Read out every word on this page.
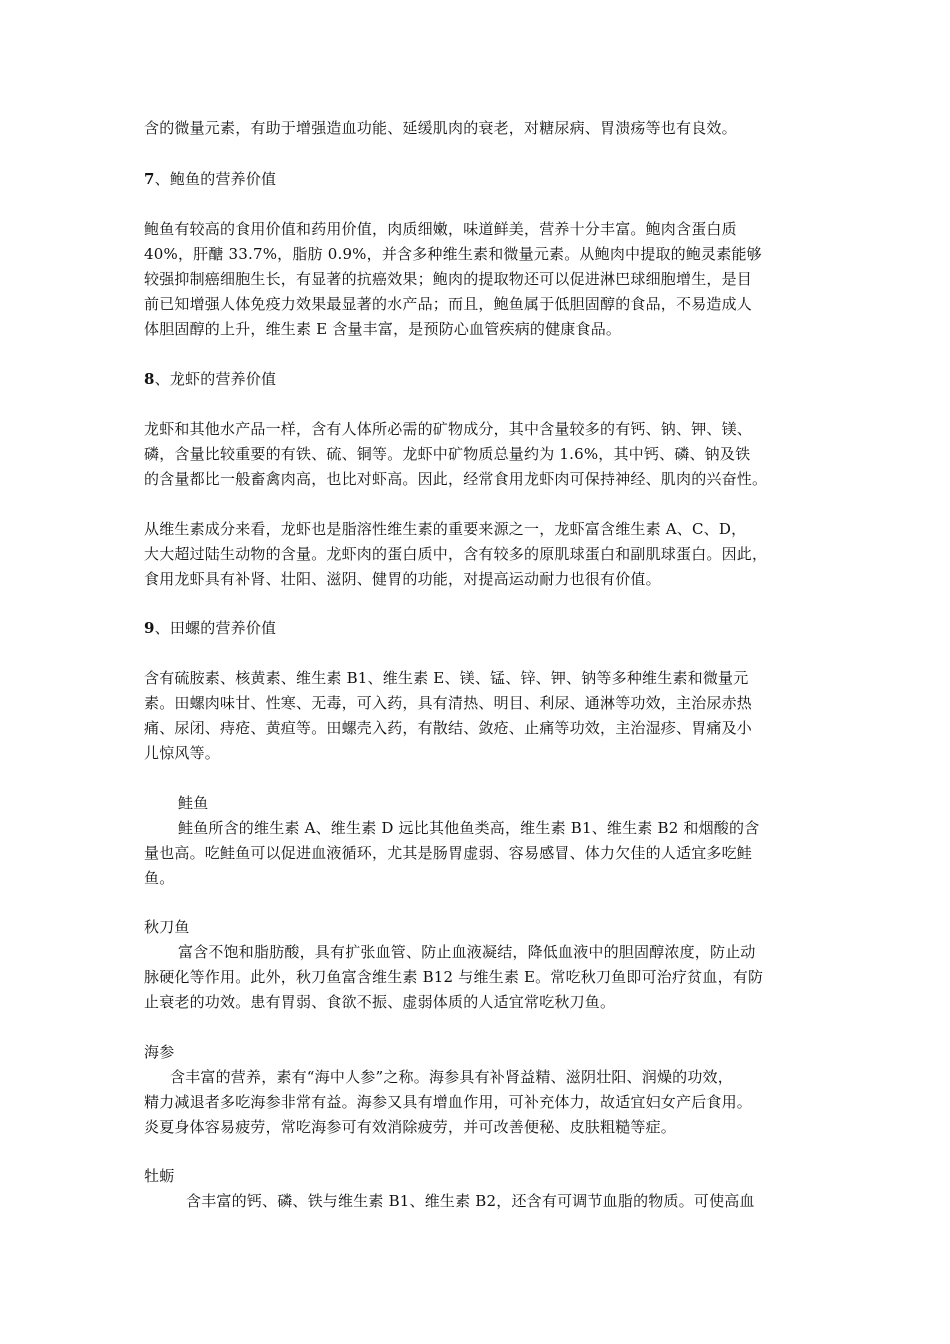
含的微量元素，有助于增强造血功能、延缓肌肉的衰老，对糖尿病、胃溃疡等也有良效。
7、鲍鱼的营养价值
鲍鱼有较高的食用价值和药用价值，肉质细嫩，味道鲜美，营养十分丰富。鲍肉含蛋白质
40%，肝醣 33.7%，脂肪 0.9%，并含多种维生素和微量元素。从鲍肉中提取的鲍灵素能够
较强抑制癌细胞生长，有显著的抗癌效果；鲍肉的提取物还可以促进淋巴球细胞增生，是目
前已知增强人体免疫力效果最显著的水产品；而且，鲍鱼属于低胆固醇的食品，不易造成人
体胆固醇的上升，维生素 E 含量丰富，是预防心血管疾病的健康食品。
8、龙虾的营养价值
龙虾和其他水产品一样，含有人体所必需的矿物成分，其中含量较多的有钙、钠、钾、镁、
磷，含量比较重要的有铁、硫、铜等。龙虾中矿物质总量约为 1.6%，其中钙、磷、钠及铁
的含量都比一般畜禽肉高，也比对虾高。因此，经常食用龙虾肉可保持神经、肌肉的兴奋性。
从维生素成分来看，龙虾也是脂溶性维生素的重要来源之一，龙虾富含维生素 A、C、D，
大大超过陆生动物的含量。龙虾肉的蛋白质中，含有较多的原肌球蛋白和副肌球蛋白。因此，
食用龙虾具有补肾、壮阳、滋阴、健胃的功能，对提高运动耐力也很有价值。
9、田螺的营养价值
含有硫胺素、核黄素、维生素 B1、维生素 E、镁、锰、锌、钾、钠等多种维生素和微量元
素。田螺肉味甘、性寒、无毒，可入药，具有清热、明目、利尿、通淋等功效，主治尿赤热
痛、尿闭、痔疮、黄疸等。田螺壳入药，有散结、敛疮、止痛等功效，主治湿疹、胃痛及小
儿惊风等。
鲑鱼
鲑鱼所含的维生素 A、维生素 D 远比其他鱼类高，维生素 B1、维生素 B2 和烟酸的含
量也高。吃鲑鱼可以促进血液循环，尤其是肠胃虚弱、容易感冒、体力欠佳的人适宜多吃鲑
鱼。
秋刀鱼
富含不饱和脂肪酸，具有扩张血管、防止血液凝结，降低血液中的胆固醇浓度，防止动
脉硬化等作用。此外，秋刀鱼富含维生素 B12 与维生素 E。常吃秋刀鱼即可治疗贫血，有防
止衰老的功效。患有胃弱、食欲不振、虚弱体质的人适宜常吃秋刀鱼。
海参
含丰富的营养，素有“海中人参”之称。海参具有补肾益精、滋阴壮阳、润燥的功效，
精力减退者多吃海参非常有益。海参又具有增血作用，可补充体力，故适宜妇女产后食用。
炎夏身体容易疲劳，常吃海参可有效消除疲劳，并可改善便秘、皮肤粗糙等症。
牡蛎
含丰富的钙、磷、铁与维生素 B1、维生素 B2，还含有可调节血脂的物质。可使高血
